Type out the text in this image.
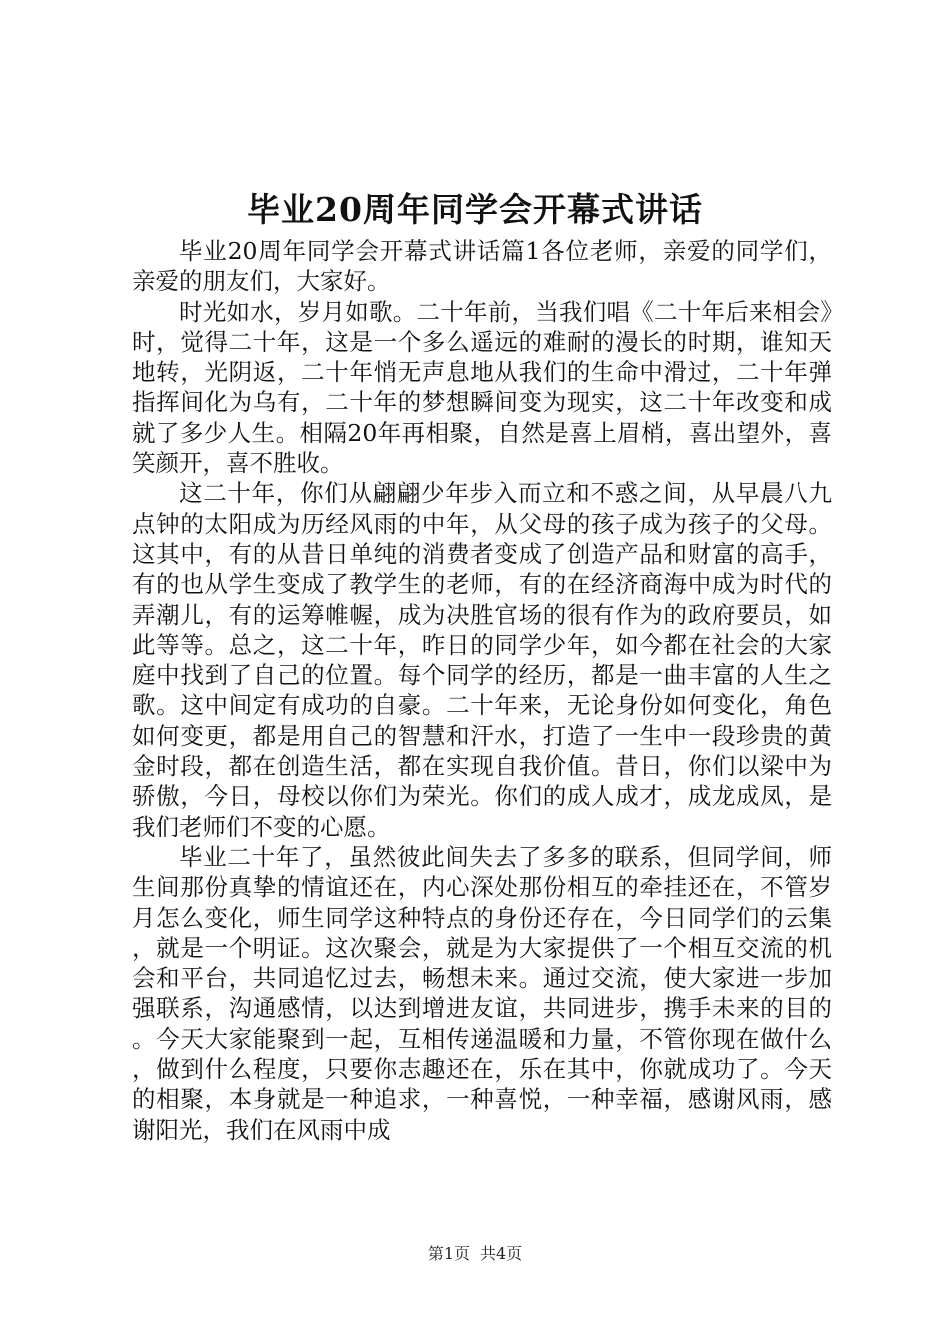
毕业20周年同学会开幕式讲话

毕业20周年同学会开幕式讲话篇1各位老师，亲爱的同学们，亲爱的朋友们，大家好。

时光如水，岁月如歌。二十年前，当我们唱《二十年后来相会》时，觉得二十年，这是一个多么遥远的难耐的漫长的时期，谁知天地转，光阴返，二十年悄无声息地从我们的生命中滑过，二十年弹指挥间化为乌有，二十年的梦想瞬间变为现实，这二十年改变和成就了多少人生。相隔20年再相聚，自然是喜上眉梢，喜出望外，喜笑颜开，喜不胜收。

这二十年，你们从翩翩少年步入而立和不惑之间，从早晨八九点钟的太阳成为历经风雨的中年，从父母的孩子成为孩子的父母。这其中，有的从昔日单纯的消费者变成了创造产品和财富的高手，有的也从学生变成了教学生的老师，有的在经济商海中成为时代的弄潮儿，有的运筹帷幄，成为决胜官场的很有作为的政府要员，如此等等。总之，这二十年，昨日的同学少年，如今都在社会的大家庭中找到了自己的位置。每个同学的经历，都是一曲丰富的人生之歌。这中间定有成功的自豪。二十年来，无论身份如何变化，角色如何变更，都是用自己的智慧和汗水，打造了一生中一段珍贵的黄金时段，都在创造生活，都在实现自我价值。昔日，你们以梁中为骄傲，今日，母校以你们为荣光。你们的成人成才，成龙成凤，是我们老师们不变的心愿。

毕业二十年了，虽然彼此间失去了多多的联系，但同学间，师生间那份真挚的情谊还在，内心深处那份相互的牵挂还在，不管岁月怎么变化，师生同学这种特点的身份还存在，今日同学们的云集，就是一个明证。这次聚会，就是为大家提供了一个相互交流的机会和平台，共同追忆过去，畅想未来。通过交流，使大家进一步加强联系，沟通感情，以达到增进友谊，共同进步，携手未来的目的。今天大家能聚到一起，互相传递温暖和力量，不管你现在做什么，做到什么程度，只要你志趣还在，乐在其中，你就成功了。今天的相聚，本身就是一种追求，一种喜悦，一种幸福，感谢风雨，感谢阳光，我们在风雨中成

第1页 共4页
